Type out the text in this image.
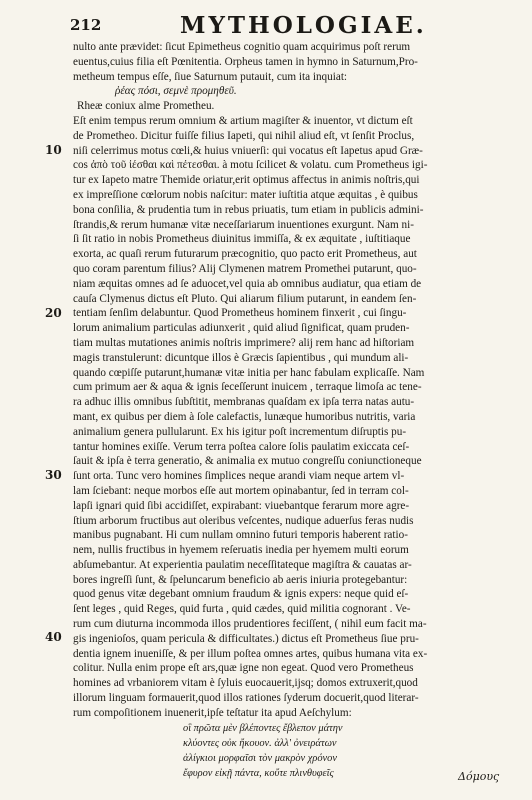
212	MYTHOLOGIAE.
10
20
30
40
nulto ante prævidet: ſicut Epimetheus cognitio quam acquirimus poſt rerum
euentus,cuius filia eſt Pœnitentia. Orpheus tamen in hymno in Saturnum,Pro-
metheum tempus eſſe, ſiue Saturnum putauit, cum ita inquiat:
ῥέας πόσι, σεμνὲ προμηθεῦ.
Rheæ coniux alme Prometheu.
Eſt enim tempus rerum omnium & artium magiſter & inuentor, vt dictum eſt
de Prometheo. Dicitur fuiſſe filius Iapeti, qui nihil aliud eſt, vt ſenſit Proclus,
niſi celerrimus motus cœli,& huius vniuerſi: qui vocatus eſt Iapetus apud Græ-
cos ἀπὸ τοῦ ἰέσθαι καὶ πέτεσθαι. à motu ſcilicet & volatu. cum Prometheus igi-
tur ex Iapeto matre Themide oriatur,erit optimus affectus in animis noſtris,qui
ex impreſſione cœlorum nobis naſcitur: mater iuſtitia atque æquitas , è quibus
bona conſilia, & prudentia tum in rebus priuatis, tum etiam in publicis admini-
ſtrandis,& rerum humanæ vitæ neceſſariarum inuentiones exurgunt. Nam ni-
ſi ſit ratio in nobis Prometheus diuinitus immiſſa, & ex æquitate , iuſtitiaque
exorta, ac quaſi rerum futurarum præcognitio, quo pacto erit Prometheus, aut
quo coram parentum filius? Alij Clymenen matrem Promethei putarunt, quo-
niam æquitas omnes ad ſe aduocet,vel quia ab omnibus audiatur, qua etiam de
cauſa Clymenus dictus eſt Pluto. Qui aliarum filium putarunt, in eandem ſen-
tentiam ſenſim delabuntur. Quod Prometheus hominem finxerit , cui ſingu-
lorum animalium particulas adiunxerit , quid aliud ſignificat, quam pruden-
tiam multas mutationes animis noſtris imprimere? alij rem hanc ad hiſtoriam
magis transtulerunt: dicuntque illos è Græcis ſapientibus , qui mundum ali-
quando cœpiſſe putarunt,humanæ vitæ initia per hanc fabulam explicaſſe. Nam
cum primum aer & aqua & ignis ſeceſſerunt inuicem , terraque limoſa ac tene-
ra adhuc illis omnibus ſubſtitit, membranas quaſdam ex ipſa terra natas autu-
mant, ex quibus per diem à ſole calefactis, lunæque humoribus nutritis, varia
animalium genera pullularunt. Ex his igitur poſt incrementum diſruptis pu-
tantur homines exiſſe. Verum terra poſtea calore ſolis paulatim exiccata ceſ-
ſauit & ipſa è terra generatio, & animalia ex mutuo congreſſu coniunctioneque
ſunt orta. Tunc vero homines ſimplices neque arandi viam neque artem vl-
lam ſciebant: neque morbos eſſe aut mortem opinabantur, ſed in terram col-
lapſi ignari quid ſibi accidiſſet, expirabant: viuebantque ferarum more agre-
ſtium arborum fructibus aut oleribus veſcentes, nudique aduerſus feras nudis
manibus pugnabant. Hi cum nullam omnino futuri temporis haberent ratio-
nem, nullis fructibus in hyemem reſeruatis inedia per hyemem multi eorum
abſumebantur. At experientia paulatim neceſſitateque magiſtra & cauatas ar-
bores ingreſſi ſunt, & ſpeluncarum beneficio ab aeris iniuria protegebantur:
quod genus vitæ degebant omnium fraudum & ignis expers: neque quid eſ-
ſent leges , quid Reges, quid furta , quid cædes, quid militia cognorant . Ve-
rum cum diuturna incommoda illos prudentiores feciſſent, ( nihil eum facit ma-
gis ingenioſos, quam pericula & difficultates.) dictus eſt Prometheus ſiue pru-
dentia ignem inueniſſe, & per illum poſtea omnes artes, quibus humana vita ex-
colitur. Nulla enim prope eſt ars,quæ igne non egeat. Quod vero Prometheus
homines ad vrbaniorem vitam è ſyluis euocauerit,ijsq; domos extruxerit,quod
illorum linguam formauerit,quod illos rationes ſyderum docuerit,quod literar-
rum compoſitionem inuenerit,ipſe teſtatur ita apud Aeſchylum:
οἳ πρῶτα μὲν βλέποντες ἔβλεπον μάτην
κλύοντες οὐκ ἤκουον. ἀλλ' ὀνειράτων
ἀλίγκιοι μορφαῖσι τὸν μακρὸν χρόνον
ἔφυρον εἰκῇ πάντα, κοὔτε πλινθυφεῖς	Δόμους
